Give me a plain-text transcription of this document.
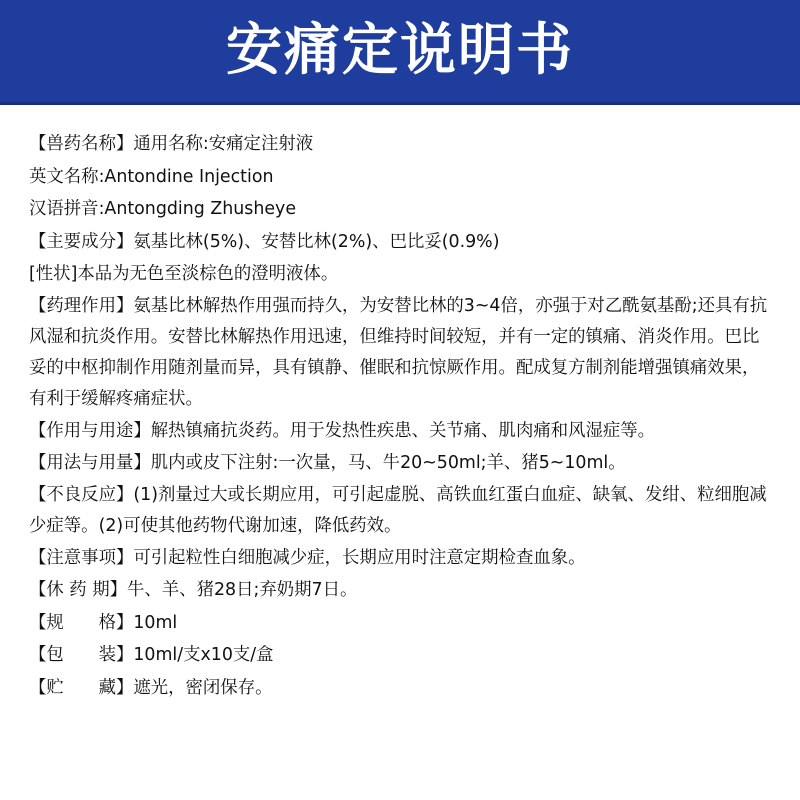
安痛定说明书
【兽药名称】通用名称:安痛定注射液
英文名称:Antondine Injection
汉语拼音:Antongding Zhusheye
【主要成分】氨基比林(5%)、安替比林(2%)、巴比妥(0.9%)
[性状]本品为无色至淡棕色的澄明液体。

【药理作用】氨基比林解热作用强而持久，为安替比林的3~4倍，亦强于对乙酰氨基酚;还具有抗风湿和抗炎作用。安替比林解热作用迅速，但维持时间较短，并有一定的镇痛、消炎作用。巴比妥的中枢抑制作用随剂量而异，具有镇静、催眠和抗惊厥作用。配成复方制剂能增强镇痛效果，有利于缓解疼痛症状。

【作用与用途】解热镇痛抗炎药。用于发热性疾患、关节痛、肌肉痛和风湿症等。
【用法与用量】肌内或皮下注射:一次量，马、牛20~50ml;羊、猪5~10ml。

【不良反应】(1)剂量过大或长期应用，可引起虚脱、高铁血红蛋白血症、缺氧、发绀、粒细胞减少症等。(2)可使其他药物代谢加速，降低药效。

【注意事项】可引起粒性白细胞减少症，长期应用时注意定期检查血象。
【休 药 期】牛、羊、猪28日;弃奶期7日。
【规　　格】10ml
【包　　装】10ml/支x10支/盒
【贮　　藏】遮光，密闭保存。
